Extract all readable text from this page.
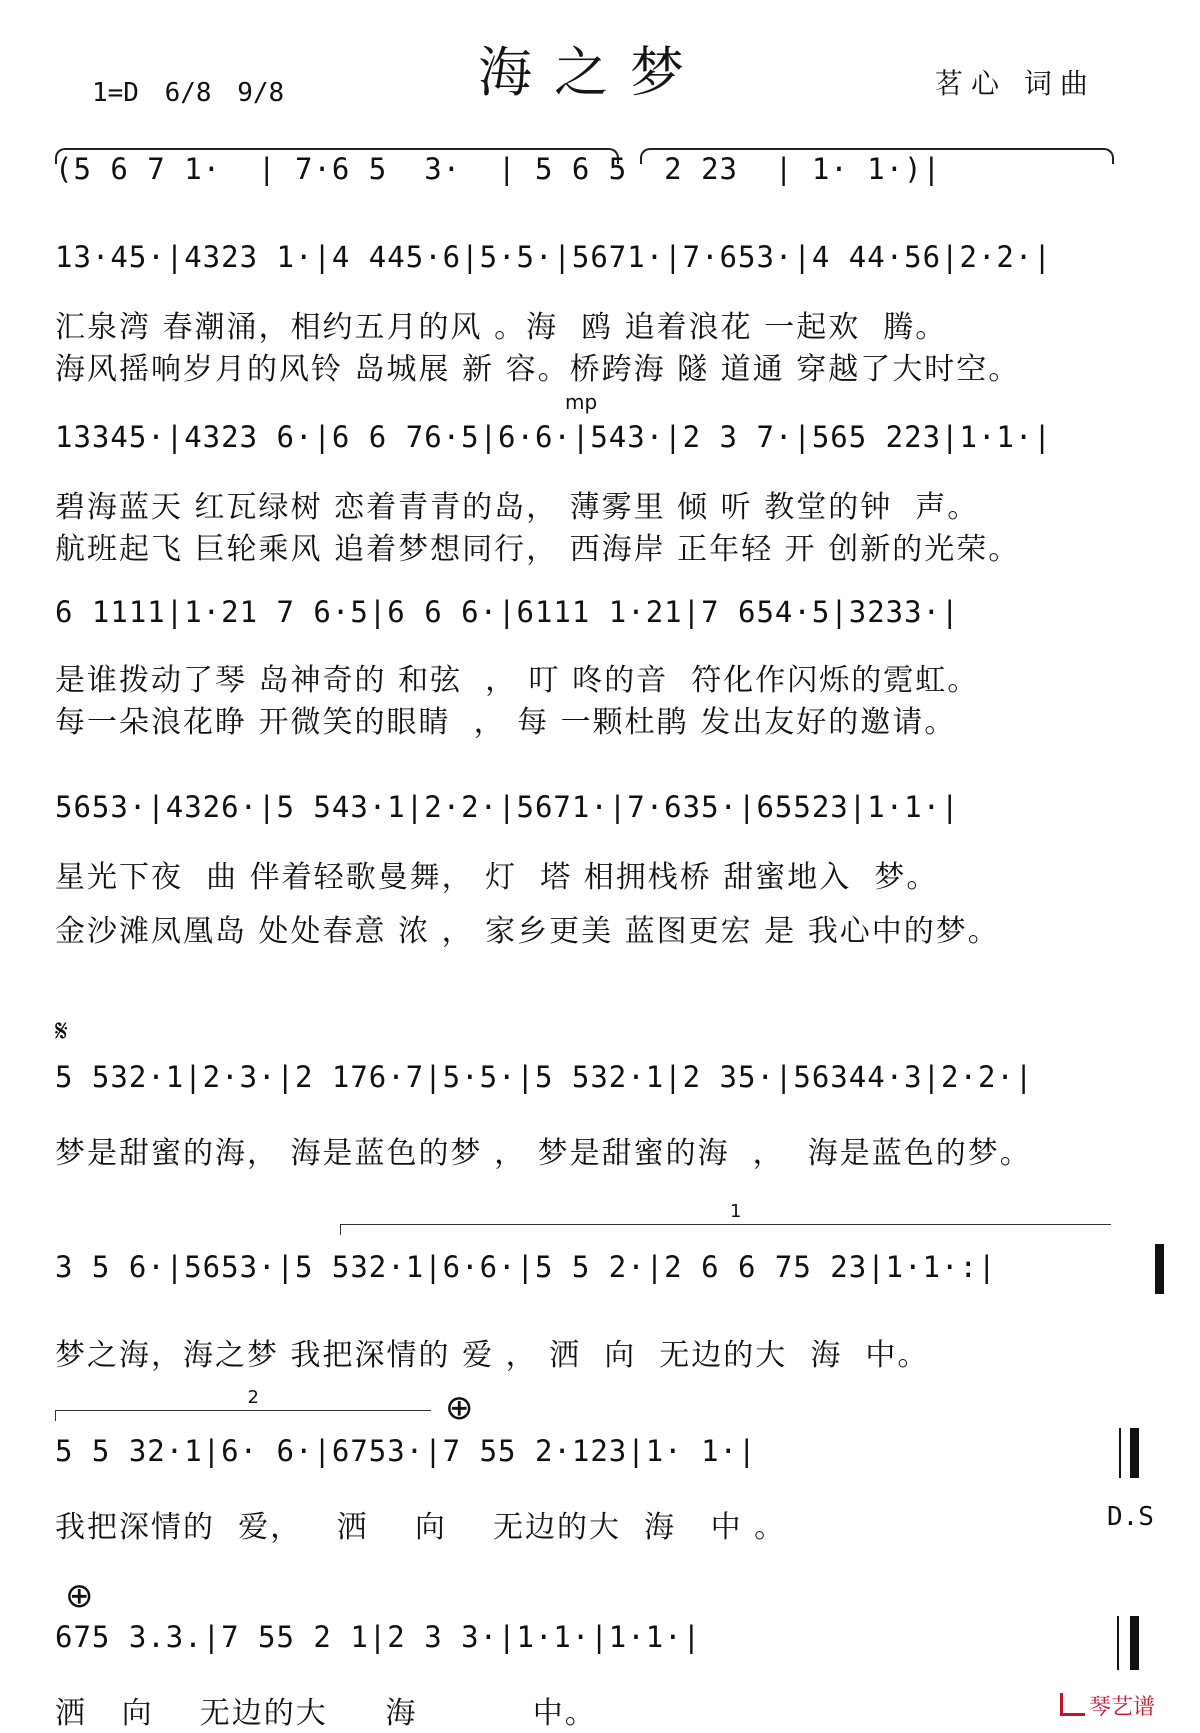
海之梦
1=D 6/8 9/8	茗心 词曲
(5 6 7 1·  | 7·6 5  3·  | 5 6 5  2 23  | 1· 1·)|
13·45·|4323 1·|4 445·6|5·5·|5671·|7·653·|4 44·56|2·2·|
汇泉湾 春潮涌，相约五月的风 。海  鸥 追着浪花 一起欢  腾。
海风摇响岁月的风铃 岛城展 新 容。桥跨海 隧 道通 穿越了大时空。
mp
13345·|4323 6·|6 6 76·5|6·6·|543·|2 3 7·|565 223|1·1·|
碧海蓝天 红瓦绿树 恋着青青的岛， 薄雾里 倾 听 教堂的钟  声。
航班起飞 巨轮乘风 追着梦想同行， 西海岸 正年轻 开 创新的光荣。
6 1111|1·21 7 6·5|6 6 6·|6111 1·21|7 654·5|3233·|
是谁拨动了琴 岛神奇的 和弦  ， 叮 咚的音  符化作闪烁的霓虹。
每一朵浪花睁 开微笑的眼睛  ， 每 一颗杜鹃 发出友好的邀请。
5653·|4326·|5 543·1|2·2·|5671·|7·635·|65523|1·1·|
星光下夜  曲 伴着轻歌曼舞， 灯  塔 相拥栈桥 甜蜜地入  梦。
金沙滩凤凰岛 处处春意 浓 ， 家乡更美 蓝图更宏 是 我心中的梦。
𝄋
5 532·1|2·3·|2 176·7|5·5·|5 532·1|2 35·|56344·3|2·2·|
梦是甜蜜的海， 海是蓝色的梦 ， 梦是甜蜜的海  ，  海是蓝色的梦。
1
3 5 6·|5653·|5 532·1|6·6·|5 5 2·|2 6 6 75 23|1·1·:|
梦之海，海之梦 我把深情的 爱 ， 洒  向  无边的大  海  中。
2	⊕
5 5 32·1|6· 6·|6753·|7 55 2·123|1· 1·|
我把深情的  爱，   洒    向    无边的大  海   中 。	D.S
⊕
675 3.3.|7 55 2 1|2 3 3·|1·1·|1·1·|
洒   向    无边的大     海          中。	琴艺谱
